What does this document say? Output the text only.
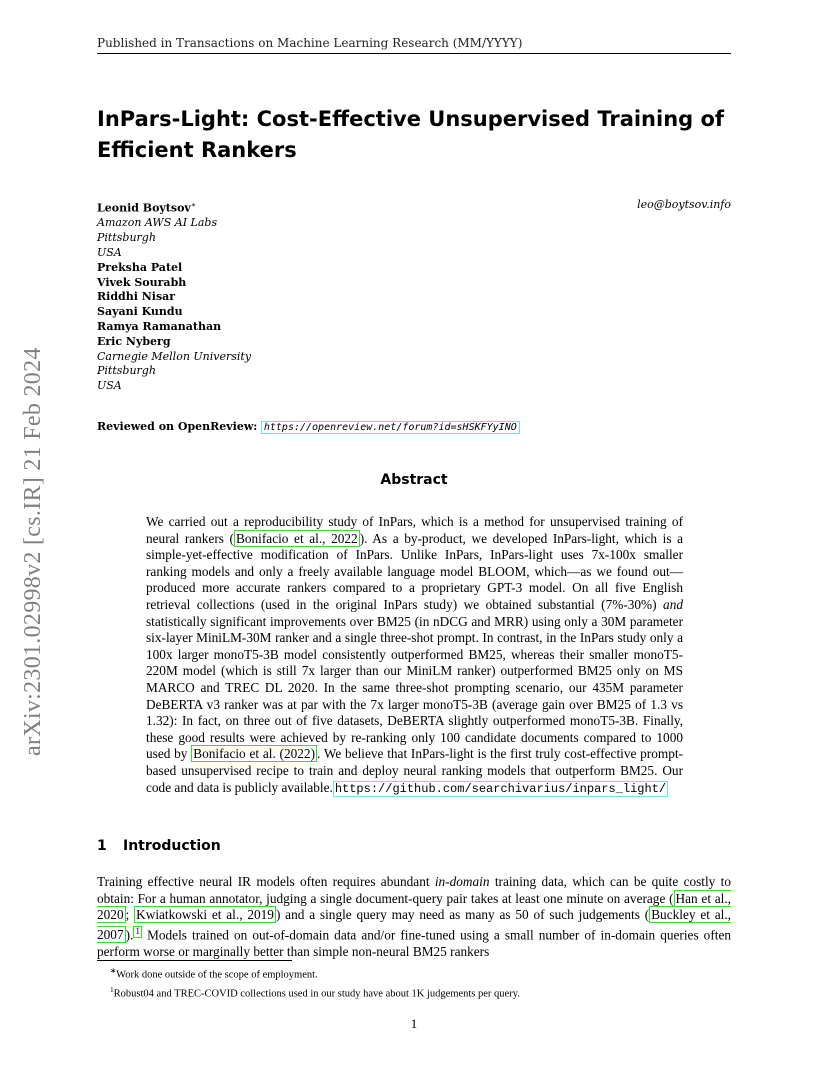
Published in Transactions on Machine Learning Research (MM/YYYY)
arXiv:2301.02998v2 [cs.IR] 21 Feb 2024
InPars-Light: Cost-Effective Unsupervised Training of Efficient Rankers
Leonid Boytsov∗
Amazon AWS AI Labs
Pittsburgh
USA
Preksha Patel
Vivek Sourabh
Riddhi Nisar
Sayani Kundu
Ramya Ramanathan
Eric Nyberg
Carnegie Mellon University
Pittsburgh
USA
leo@boytsov.info
Reviewed on OpenReview: https://openreview.net/forum?id=sHSKFYyINO
Abstract
We carried out a reproducibility study of InPars, which is a method for unsupervised training of neural rankers ( Bonifacio et al., 2022 ). As a by-product, we developed InPars-light, which is a simple-yet-effective modification of InPars. Unlike InPars, InPars-light uses 7x-100x smaller ranking models and only a freely available language model BLOOM, which—as we found out—produced more accurate rankers compared to a proprietary GPT-3 model. On all five English retrieval collections (used in the original InPars study) we obtained substantial (7%-30%) and statistically significant improvements over BM25 (in nDCG and MRR) using only a 30M parameter six-layer MiniLM-30M ranker and a single three-shot prompt. In contrast, in the InPars study only a 100x larger monoT5-3B model consistently outperformed BM25, whereas their smaller monoT5-220M model (which is still 7x larger than our MiniLM ranker) outperformed BM25 only on MS MARCO and TREC DL 2020. In the same three-shot prompting scenario, our 435M parameter DeBERTA v3 ranker was at par with the 7x larger monoT5-3B (average gain over BM25 of 1.3 vs 1.32): In fact, on three out of five datasets, DeBERTA slightly outperformed monoT5-3B. Finally, these good results were achieved by re-ranking only 100 candidate documents compared to 1000 used by Bonifacio et al. (2022) . We believe that InPars-light is the first truly cost-effective prompt-based unsupervised recipe to train and deploy neural ranking models that outperform BM25. Our code and data is publicly available. https://github.com/searchivarius/inpars_light/
1 Introduction
Training effective neural IR models often requires abundant in-domain training data, which can be quite costly to obtain: For a human annotator, judging a single document-query pair takes at least one minute on average ( Han et al., 2020 ; Kwiatkowski et al., 2019 ) and a single query may need as many as 50 of such judgements ( Buckley et al., 2007 ). $^1$ Models trained on out-of-domain data and/or fine-tuned using a small number of in-domain queries often perform worse or marginally better than simple non-neural BM25 rankers
∗Work done outside of the scope of employment.
$^1$Robust04 and TREC-COVID collections used in our study have about 1K judgements per query.
1
